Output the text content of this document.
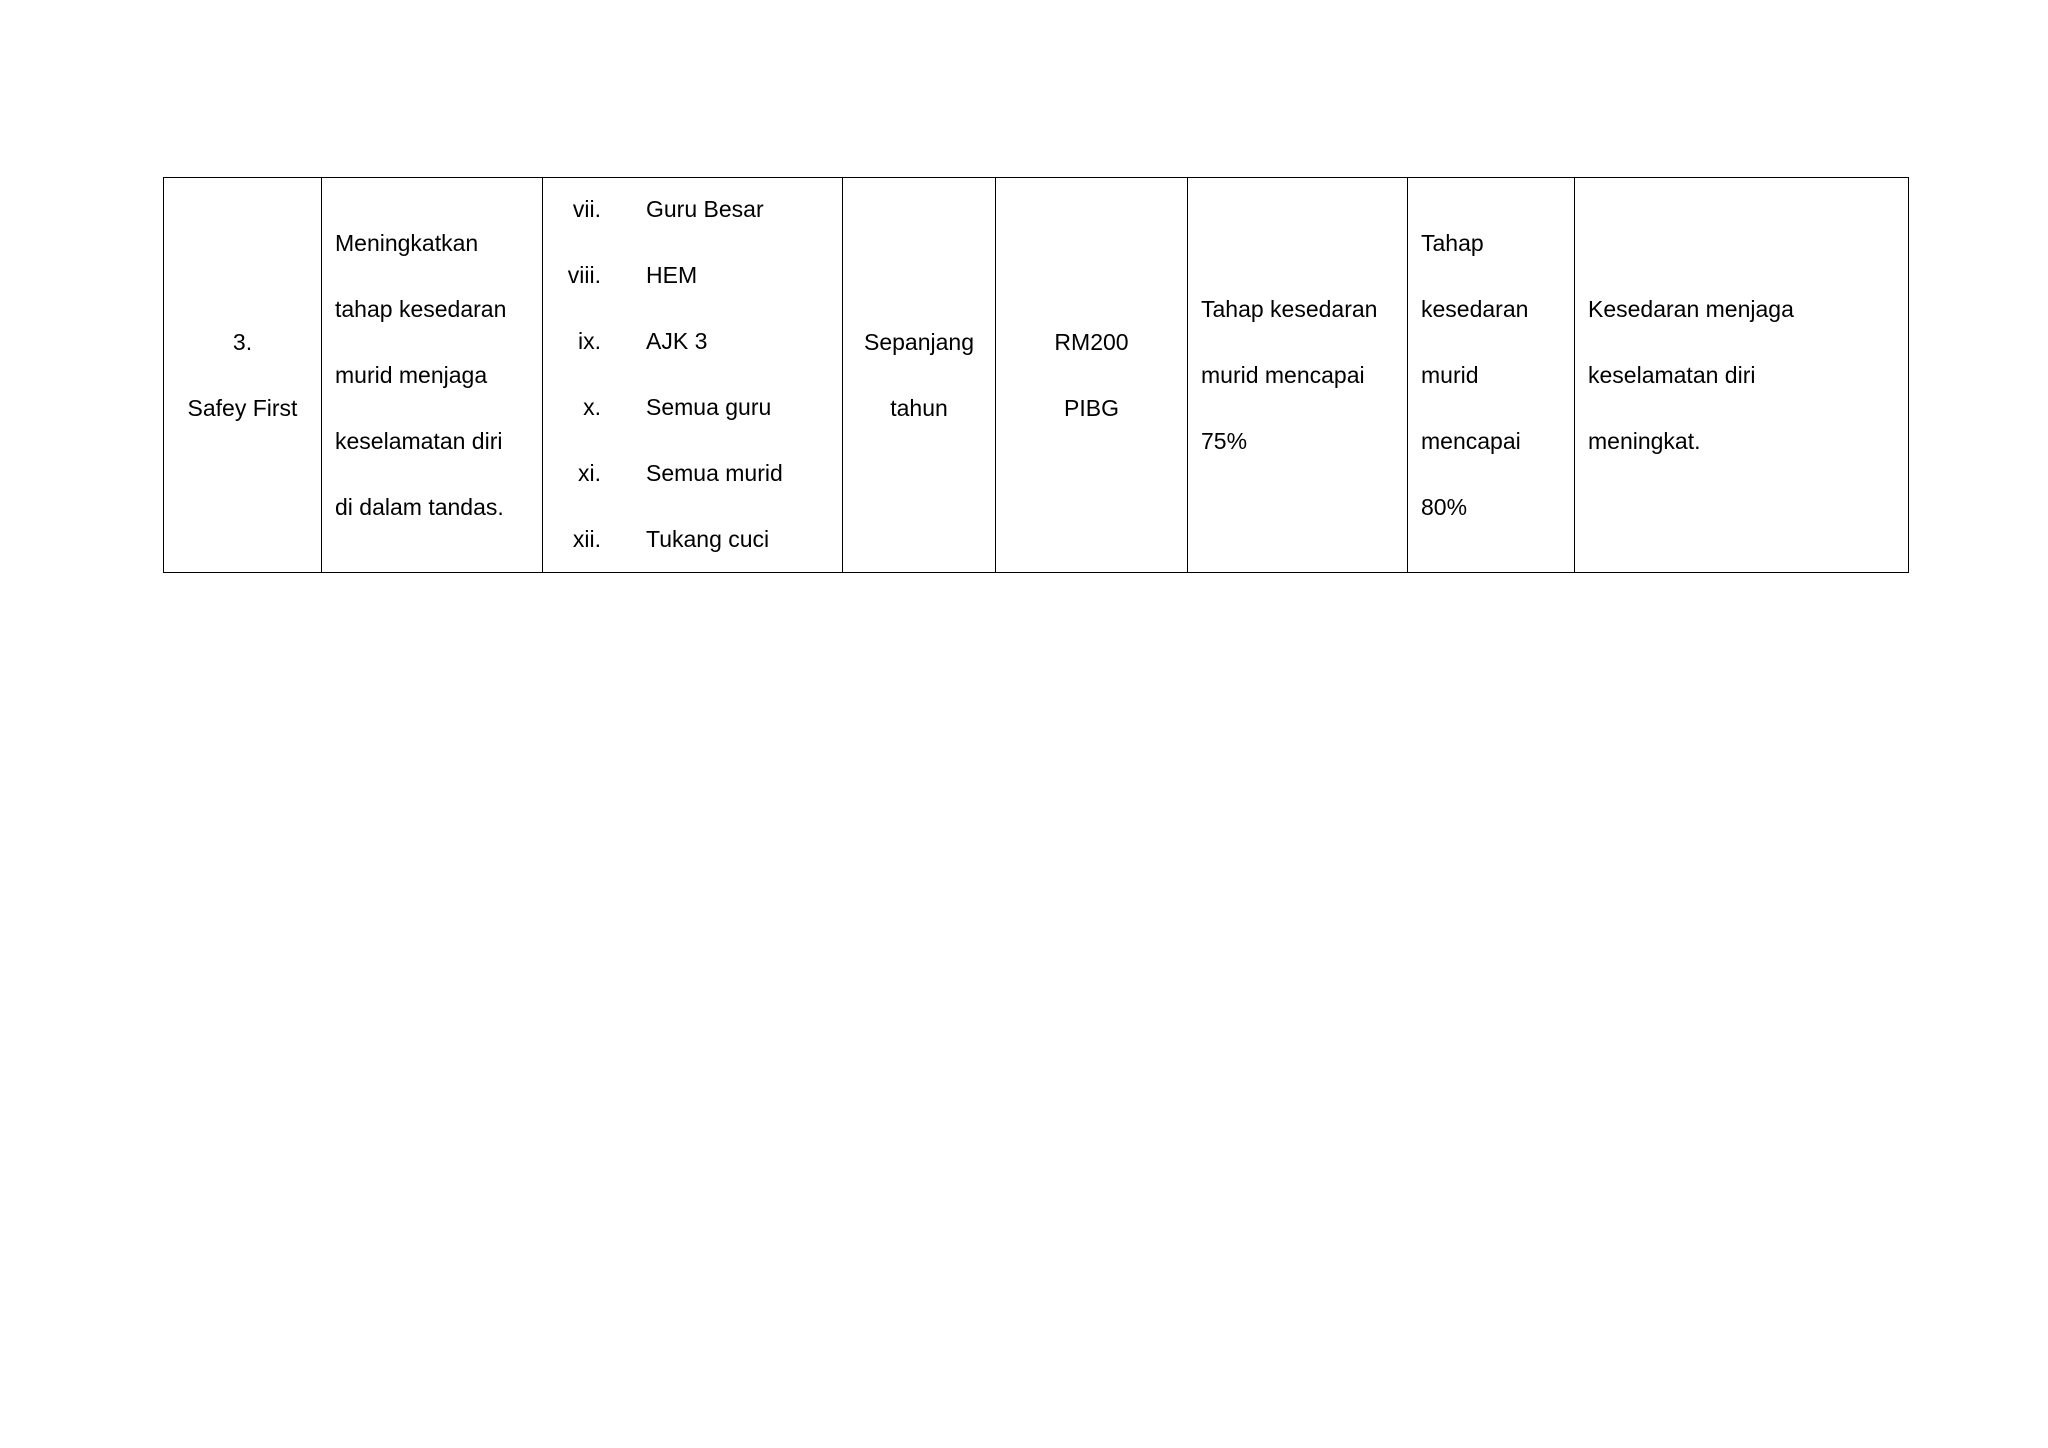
3.
Safey First

Meningkatkan
tahap kesedaran
murid menjaga
keselamatan diri
di dalam tandas.

vii. Guru Besar
viii. HEM
ix. AJK 3
x. Semua guru
xi. Semua murid
xii. Tukang cuci

Sepanjang
tahun

RM200
PIBG

Tahap kesedaran
murid mencapai
75%

Tahap
kesedaran
murid
mencapai
80%

Kesedaran menjaga
keselamatan diri
meningkat.
